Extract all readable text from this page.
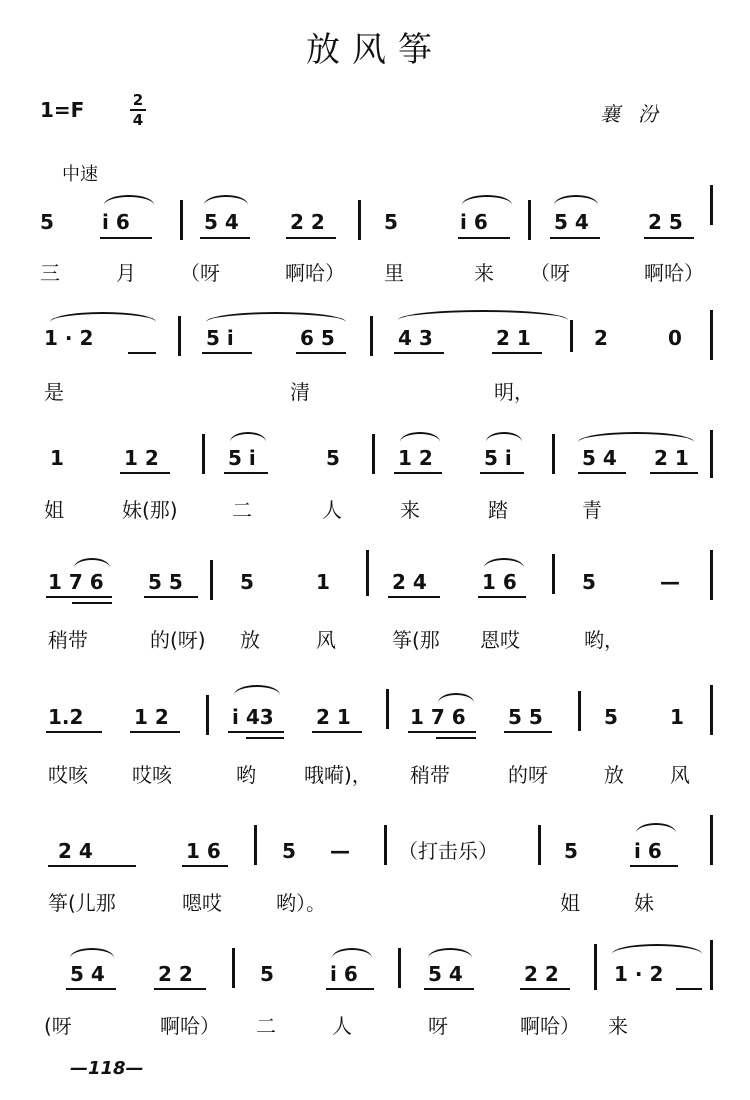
放风筝
1=F	2
4	襄汾
中速
5 i 6	5 4	2 2	5	i 6	5 4	2 5
三	月 （呀	啊哈） 里	来 （呀	啊哈）
1 · 2	5 i	6 5	4 3	2 1	2	0
是	清	明，
1	1 2	5 i	5	1 2	5 i	5 4 2 1
姐	妹(那)	二	人	来	踏	青
1 7 6 5 5	5	1	2 4	1 6	5	—
稍带	的(呀) 放	风	筝(那 恩哎	哟，
1.2	1 2	i 43 2 1	1 7 6 5 5	5	1
哎咳 哎咳	哟 哦嗬)， 稍带	的呀	放 风
2 4	1 6	5 — （打击乐）	5	i 6
筝(儿那	嗯哎	哟）。	姐	妹
5 4	2 2	5	i 6	5 4	2 2	1 · 2
(呀	啊哈） 二	人	呀	啊哈） 来
—118—
